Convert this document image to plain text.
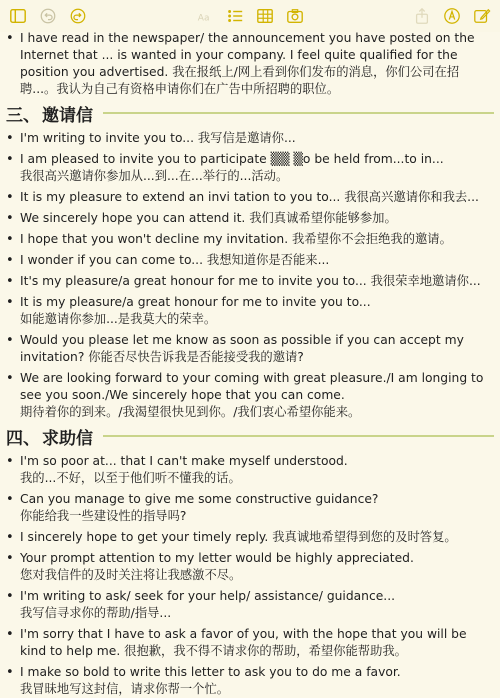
Aa
• I have read in the newspaper/ the announcement you have posted on the Internet that ... is wanted in your company. I feel quite qualified for the position you advertised. 我在报纸上/网上看到你们发布的消息，你们公司在招聘...。我认为自己有资格申请你们在广告中所招聘的职位。
三、 邀请信
• I'm writing to invite you to... 我写信是邀请你...
• I am pleased to invite you to participate ▒▒ ▒o be held from...to in...
我很高兴邀请你参加从...到...在...举行的...活动。
• It is my pleasure to extend an invi tation to you to... 我很高兴邀请你和我去...
• We sincerely hope you can attend it. 我们真诚希望你能够参加。
• I hope that you won't decline my invitation. 我希望你不会拒绝我的邀请。
• I wonder if you can come to... 我想知道你是否能来...
• It's my pleasure/a great honour for me to invite you to... 我很荣幸地邀请你...
• It is my pleasure/a great honour for me to invite you to...
如能邀请你参加...是我莫大的荣幸。
• Would you please let me know as soon as possible if you can accept my invitation? 你能否尽快告诉我是否能接受我的邀请?
• We are looking forward to your coming with great pleasure./I am longing to see you soon./We sincerely hope that you can come.
期待着你的到来。/我渴望很快见到你。/我们衷心希望你能来。
四、 求助信
• I'm so poor at... that I can't make myself understood.
我的...不好，以至于他们听不懂我的话。
• Can you manage to give me some constructive guidance?
你能给我一些建设性的指导吗?
• I sincerely hope to get your timely reply. 我真诚地希望得到您的及时答复。
• Your prompt attention to my letter would be highly appreciated.
您对我信件的及时关注将让我感激不尽。
• I'm writing to ask/ seek for your help/ assistance/ guidance...
我写信寻求你的帮助/指导...
• I'm sorry that I have to ask a favor of you, with the hope that you will be kind to help me. 很抱歉，我不得不请求你的帮助，希望你能帮助我。
• I make so bold to write this letter to ask you to do me a favor.
我冒昧地写这封信，请求你帮一个忙。
